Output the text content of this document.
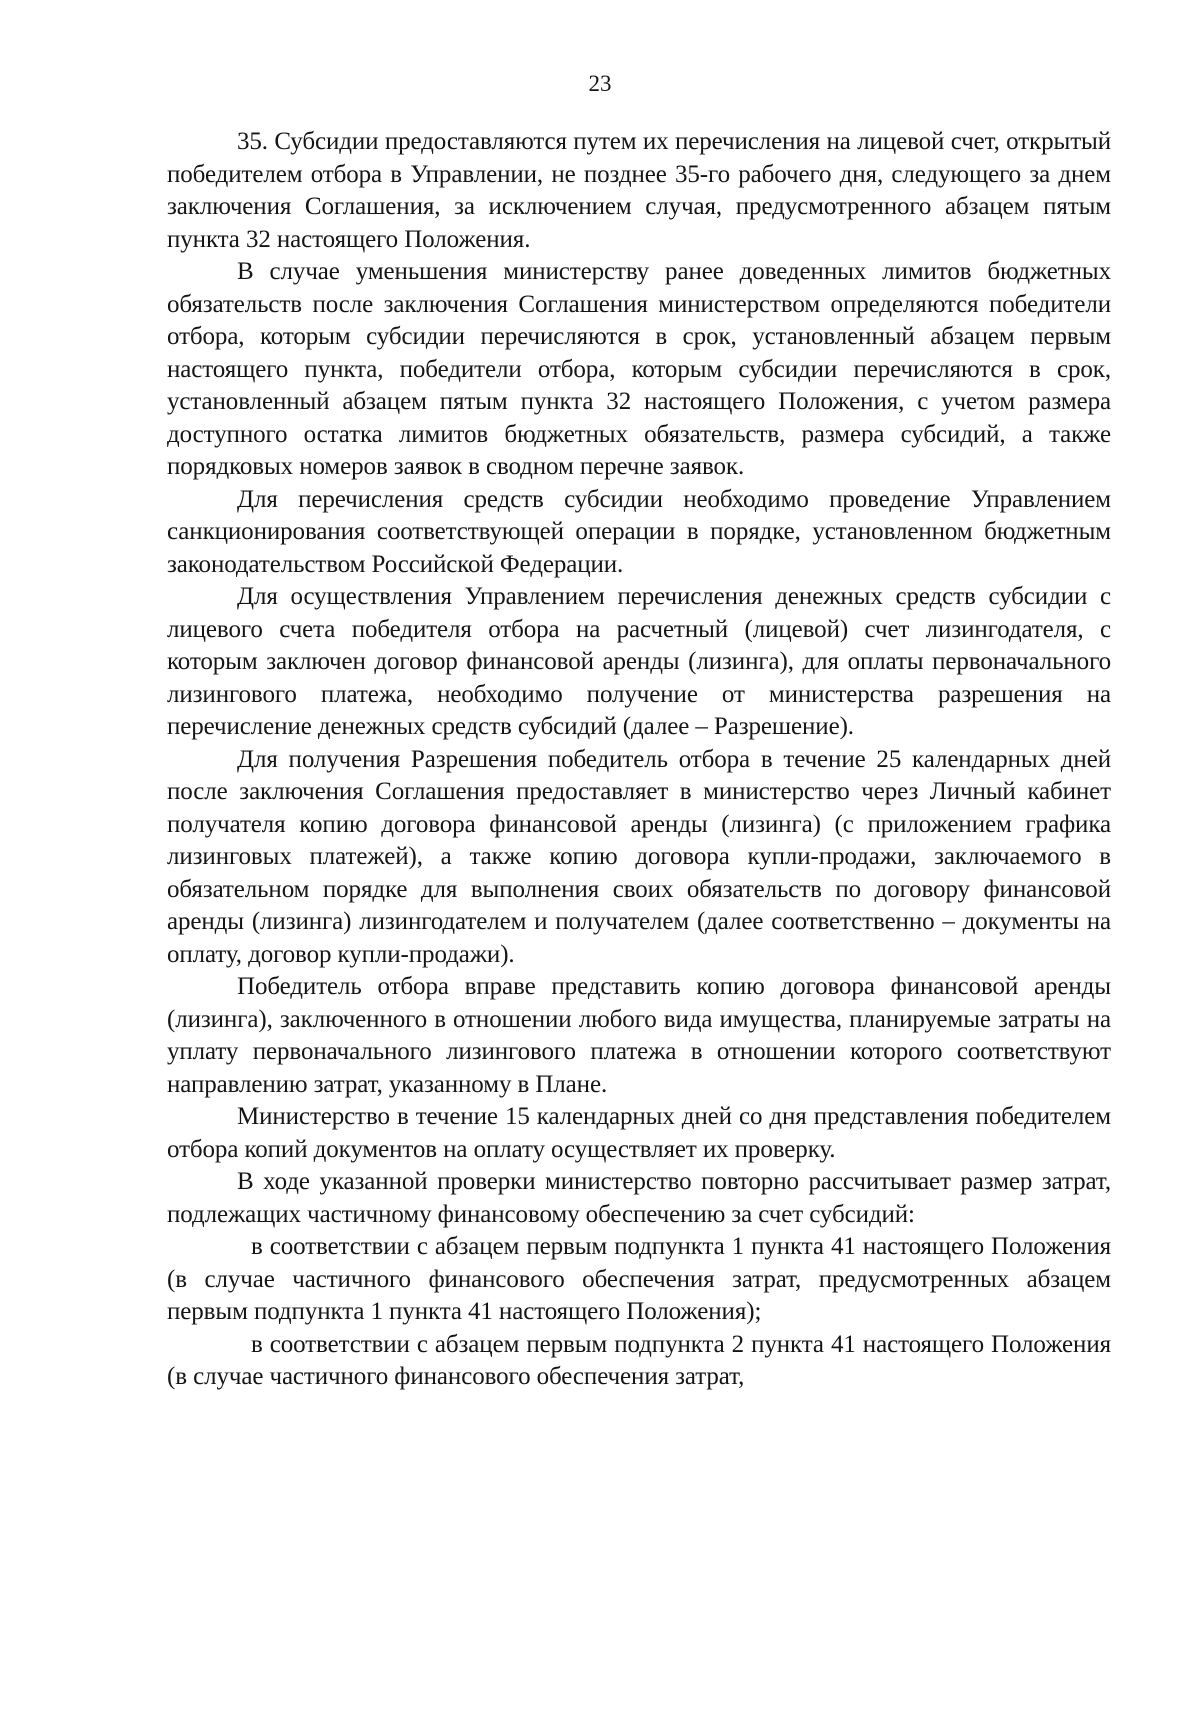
23

35. Субсидии предоставляются путем их перечисления на лицевой счет, открытый победителем отбора в Управлении, не позднее 35-го рабочего дня, следующего за днем заключения Соглашения, за исключением случая, предусмотренного абзацем пятым пункта 32 настоящего Положения.

В случае уменьшения министерству ранее доведенных лимитов бюджетных обязательств после заключения Соглашения министерством определяются победители отбора, которым субсидии перечисляются в срок, установленный абзацем первым настоящего пункта, победители отбора, которым субсидии перечисляются в срок, установленный абзацем пятым пункта 32 настоящего Положения, с учетом размера доступного остатка лимитов бюджетных обязательств, размера субсидий, а также порядковых номеров заявок в сводном перечне заявок.

Для перечисления средств субсидии необходимо проведение Управлением санкционирования соответствующей операции в порядке, установленном бюджетным законодательством Российской Федерации.

Для осуществления Управлением перечисления денежных средств субсидии с лицевого счета победителя отбора на расчетный (лицевой) счет лизингодателя, с которым заключен договор финансовой аренды (лизинга), для оплаты первоначального лизингового платежа, необходимо получение от министерства разрешения на перечисление денежных средств субсидий (далее – Разрешение).

Для получения Разрешения победитель отбора в течение 25 календарных дней после заключения Соглашения предоставляет в министерство через Личный кабинет получателя копию договора финансовой аренды (лизинга) (с приложением графика лизинговых платежей), а также копию договора купли-продажи, заключаемого в обязательном порядке для выполнения своих обязательств по договору финансовой аренды (лизинга) лизингодателем и получателем (далее соответственно – документы на оплату, договор купли-продажи).

Победитель отбора вправе представить копию договора финансовой аренды (лизинга), заключенного в отношении любого вида имущества, планируемые затраты на уплату первоначального лизингового платежа в отношении которого соответствуют направлению затрат, указанному в Плане.

Министерство в течение 15 календарных дней со дня представления победителем отбора копий документов на оплату осуществляет их проверку.

В ходе указанной проверки министерство повторно рассчитывает размер затрат, подлежащих частичному финансовому обеспечению за счет субсидий:

в соответствии с абзацем первым подпункта 1 пункта 41 настоящего Положения (в случае частичного финансового обеспечения затрат, предусмотренных абзацем первым подпункта 1 пункта 41 настоящего Положения);

в соответствии с абзацем первым подпункта 2 пункта 41 настоящего Положения (в случае частичного финансового обеспечения затрат,
